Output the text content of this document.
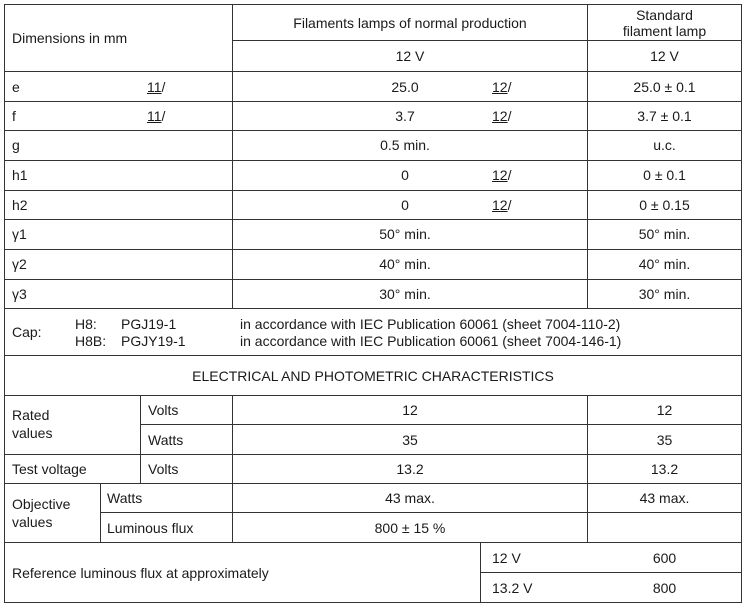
Dimensions in mm
Filaments lamps of normal production	Standard
filament lamp
12 V	12 V
e	11/	25.0	12/	25.0 ± 0.1
f	11/	3.7	12/	3.7 ± 0.1
g	0.5 min.	u.c.
h1	0	12/	0 ± 0.1
h2	0	12/	0 ± 0.15
γ1	50° min.	50° min.
γ2	40° min.	40° min.
γ3	30° min.	30° min.
Cap: H8: PGJ19-1	in accordance with IEC Publication 60061 (sheet 7004-110-2)
H8B: PGJY19-1	in accordance with IEC Publication 60061 (sheet 7004-146-1)
ELECTRICAL AND PHOTOMETRIC CHARACTERISTICS
Rated
values
Volts	12	12
Watts	35	35
Test voltage	Volts	13.2	13.2
Objective
values
Watts	43 max.	43 max.
Luminous flux	800 ± 15 %
Reference luminous flux at approximately
12 V	600
13.2 V	800
